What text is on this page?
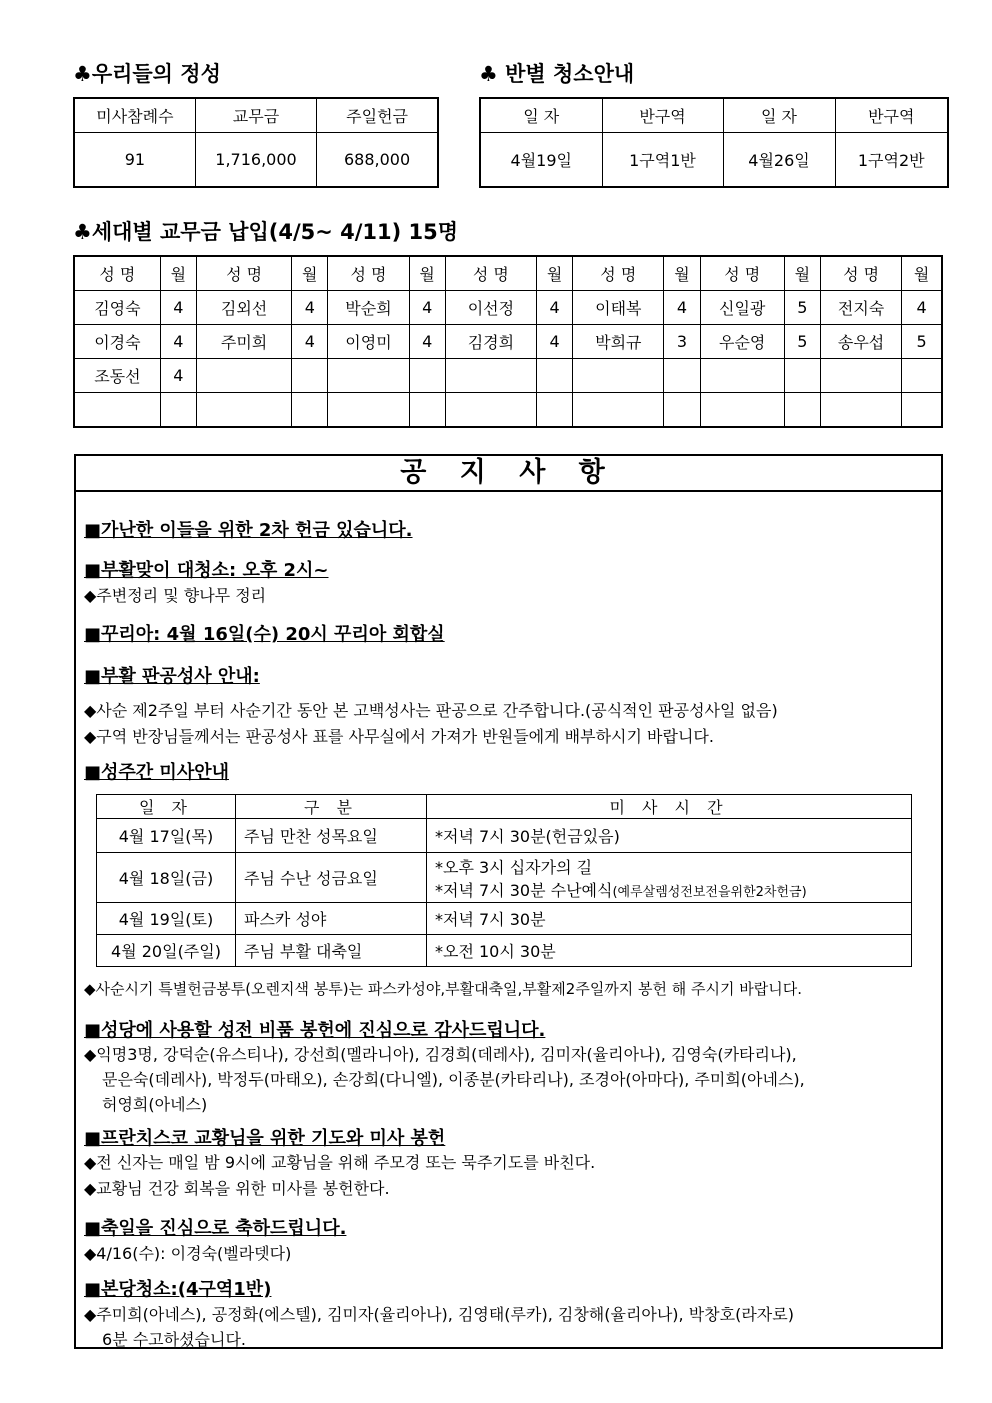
♣우리들의 정성
미사참례수	교무금	주일헌금
91	1,716,000	688,000
♣ 반별 청소안내
일 자	반구역	일 자	반구역
4월19일	1구역1반	4월26일	1구역2반
♣세대별 교무금 납입(4/5~ 4/11) 15명
성 명	월	성 명	월	성 명	월	성 명	월	성 명	월	성 명	월	성 명	월
김영숙	4	김외선	4	박순희	4	이선정	4	이태복	4	신일광	5	전지숙	4
이경숙	4	주미희	4	이영미	4	김경희	4	박희규	3	우순영	5	송우섭	5
조동선	4												

공 지 사 항
■가난한 이들을 위한 2차 헌금 있습니다.
■부활맞이 대청소: 오후 2시~
◆주변정리 및 향나무 정리
■꾸리아: 4월 16일(수) 20시 꾸리아 회합실
■부활 판공성사 안내:
◆사순 제2주일 부터 사순기간 동안 본 고백성사는 판공으로 간주합니다.(공식적인 판공성사일 없음)
◆구역 반장님들께서는 판공성사 표를 사무실에서 가져가 반원들에게 배부하시기 바랍니다.
■성주간 미사안내
일 자	구 분	미 사 시 간
4월 17일(목)	주님 만찬 성목요일	*저녁 7시 30분(헌금있음)
4월 18일(금)	주님 수난 성금요일	*오후 3시 십자가의 길
*저녁 7시 30분 수난예식(예루살렘성전보전을위한2차헌금)

4월 19일(토)	파스카 성야	*저녁 7시 30분
4월 20일(주일)	주님 부활 대축일	*오전 10시 30분
◆사순시기 특별헌금봉투(오렌지색 봉투)는 파스카성야,부활대축일,부활제2주일까지 봉헌 해 주시기 바랍니다.
■성당에 사용할 성전 비품 봉헌에 진심으로 감사드립니다.
◆익명3명, 강덕순(유스티나), 강선희(멜라니아), 김경희(데레사), 김미자(율리아나), 김영숙(카타리나),
문은숙(데레사), 박정두(마태오), 손강희(다니엘), 이종분(카타리나), 조경아(아마다), 주미희(아네스),
허영희(아네스)
■프란치스코 교황님을 위한 기도와 미사 봉헌
◆전 신자는 매일 밤 9시에 교황님을 위해 주모경 또는 묵주기도를 바친다.
◆교황님 건강 회복을 위한 미사를 봉헌한다.
■축일을 진심으로 축하드립니다.
◆4/16(수): 이경숙(벨라뎃다)
■본당청소:(4구역1반)
◆주미희(아네스), 공정화(에스텔), 김미자(율리아나), 김영태(루카), 김창해(율리아나), 박창호(라자로)
6분 수고하셨습니다.
